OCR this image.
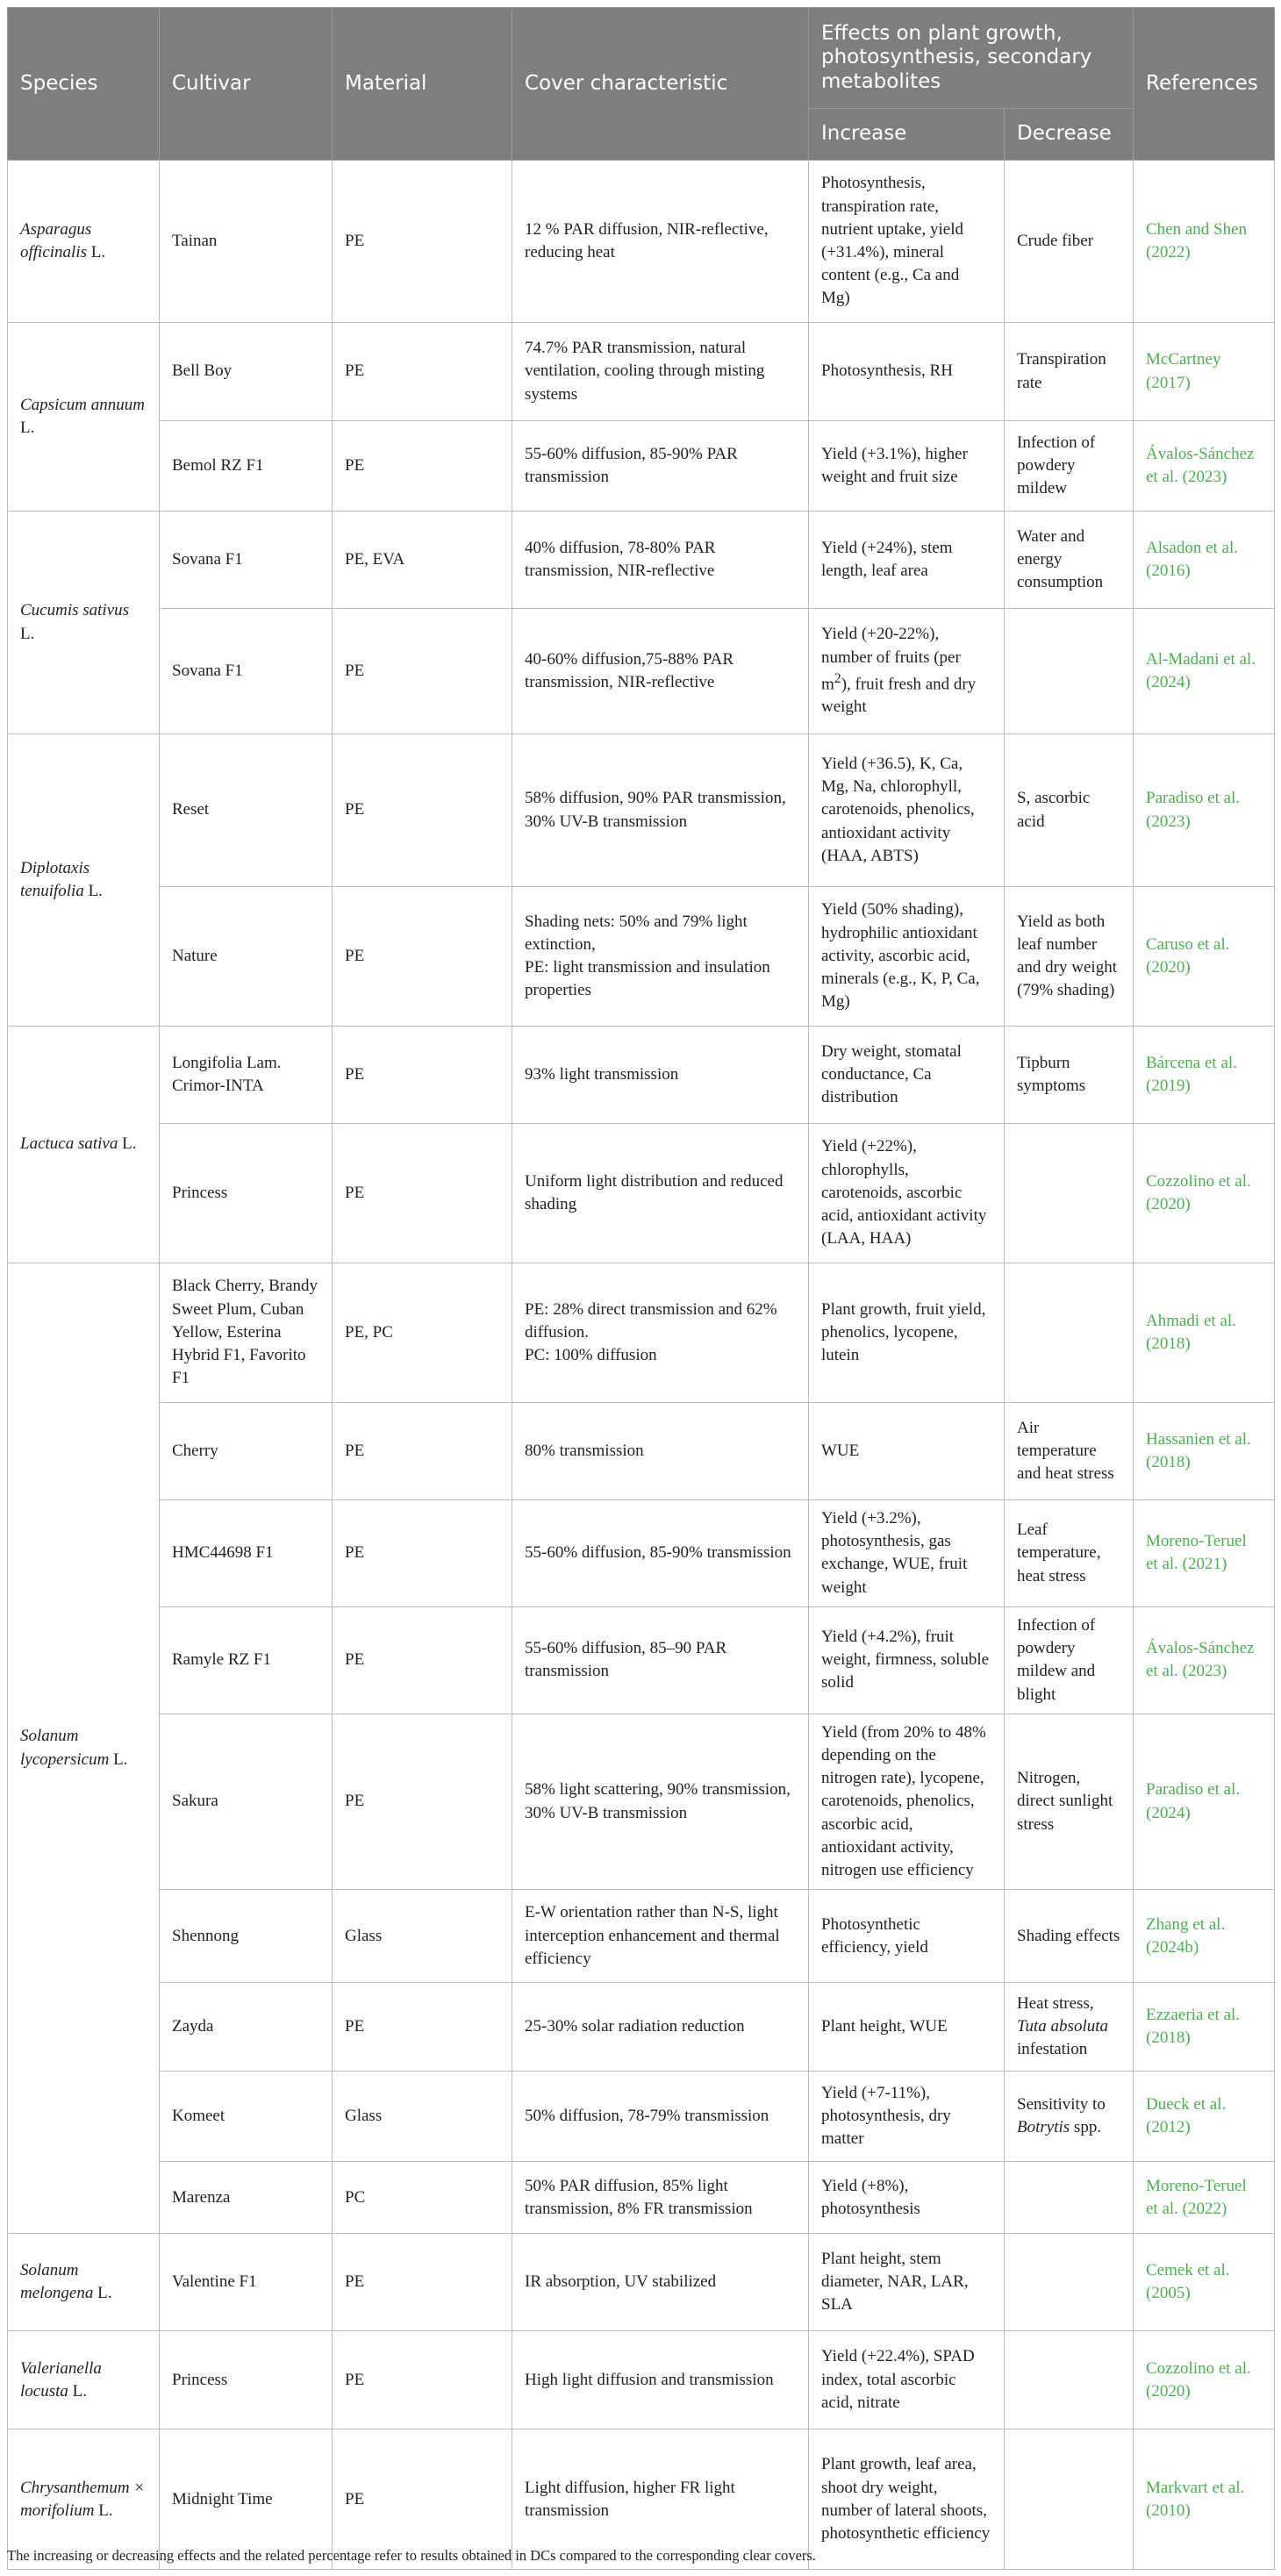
Species	Cultivar	Material	Cover characteristic	Effects on plant growth, photosynthesis, secondary metabolites		References
				Increase	Decrease	
Asparagus officinalis L.	Tainan	PE	12 % PAR diffusion, NIR-reflective, reducing heat	Photosynthesis, transpiration rate, nutrient uptake, yield (+31.4%), mineral content (e.g., Ca and Mg)	Crude fiber	Chen and Shen (2022)
Capsicum annuum L.	Bell Boy	PE	74.7% PAR transmission, natural ventilation, cooling through misting systems	Photosynthesis, RH	Transpiration rate	McCartney (2017)
	Bemol RZ F1	PE	55-60% diffusion, 85-90% PAR transmission	Yield (+3.1%), higher weight and fruit size	Infection of powdery mildew	Ávalos-Sánchez et al. (2023)
Cucumis sativus L.	Sovana F1	PE, EVA	40% diffusion, 78-80% PAR transmission, NIR-reflective	Yield (+24%), stem length, leaf area	Water and energy consumption	Alsadon et al. (2016)
	Sovana F1	PE	40-60% diffusion,75-88% PAR transmission, NIR-reflective	Yield (+20-22%), number of fruits (per $m^2$), fruit fresh and dry weight		Al-Madani et al. (2024)
Diplotaxis tenuifolia L.	Reset	PE	58% diffusion, 90% PAR transmission, 30% UV-B transmission	Yield (+36.5), K, Ca, Mg, Na, chlorophyll, carotenoids, phenolics, antioxidant activity (HAA, ABTS)	S, ascorbic acid	Paradiso et al. (2023)
	Nature	PE	Shading nets: 50% and 79% light extinction,
PE: light transmission and insulation properties	Yield (50% shading), hydrophilic antioxidant activity, ascorbic acid, minerals (e.g., K, P, Ca, Mg)	Yield as both leaf number and dry weight (79% shading)	Caruso et al. (2020)
Lactuca sativa L.	Longifolia Lam. Crimor-INTA	PE	93% light transmission	Dry weight, stomatal conductance, Ca distribution	Tipburn symptoms	Bárcena et al. (2019)
	Princess	PE	Uniform light distribution and reduced shading	Yield (+22%), chlorophylls, carotenoids, ascorbic acid, antioxidant activity (LAA, HAA)		Cozzolino et al. (2020)
Solanum lycopersicum L.	Black Cherry, Brandy Sweet Plum, Cuban Yellow, Esterina Hybrid F1, Favorito F1	PE, PC	PE: 28% direct transmission and 62% diffusion.
PC: 100% diffusion	Plant growth, fruit yield, phenolics, lycopene, lutein		Ahmadi et al. (2018)
	Cherry	PE	80% transmission	WUE	Air temperature and heat stress	Hassanien et al. (2018)
	HMC44698 F1	PE	55-60% diffusion, 85-90% transmission	Yield (+3.2%), photosynthesis, gas exchange, WUE, fruit weight	Leaf temperature, heat stress	Moreno-Teruel et al. (2021)
	Ramyle RZ F1	PE	55-60% diffusion, 85–90 PAR transmission	Yield (+4.2%), fruit weight, firmness, soluble solid	Infection of powdery mildew and blight	Ávalos-Sánchez et al. (2023)
	Sakura	PE	58% light scattering, 90% transmission, 30% UV-B transmission	Yield (from 20% to 48% depending on the nitrogen rate), lycopene, carotenoids, phenolics, ascorbic acid, antioxidant activity, nitrogen use efficiency	Nitrogen, direct sunlight stress	Paradiso et al. (2024)
	Shennong	Glass	E-W orientation rather than N-S, light interception enhancement and thermal efficiency	Photosynthetic efficiency, yield	Shading effects	Zhang et al. (2024b)
	Zayda	PE	25-30% solar radiation reduction	Plant height, WUE	Heat stress, Tuta absoluta infestation	Ezzaeria et al. (2018)
	Komeet	Glass	50% diffusion, 78-79% transmission	Yield (+7-11%), photosynthesis, dry matter	Sensitivity to Botrytis spp.	Dueck et al. (2012)
	Marenza	PC	50% PAR diffusion, 85% light transmission, 8% FR transmission	Yield (+8%), photosynthesis		Moreno-Teruel et al. (2022)
Solanum melongena L.	Valentine F1	PE	IR absorption, UV stabilized	Plant height, stem diameter, NAR, LAR, SLA		Cemek et al. (2005)
Valerianella locusta L.	Princess	PE	High light diffusion and transmission	Yield (+22.4%), SPAD index, total ascorbic acid, nitrate		Cozzolino et al. (2020)
Chrysanthemum × morifolium L.	Midnight Time	PE	Light diffusion, higher FR light transmission	Plant growth, leaf area, shoot dry weight, number of lateral shoots, photosynthetic efficiency		Markvart et al. (2010)
The increasing or decreasing effects and the related percentage refer to results obtained in DCs compared to the corresponding clear covers.
